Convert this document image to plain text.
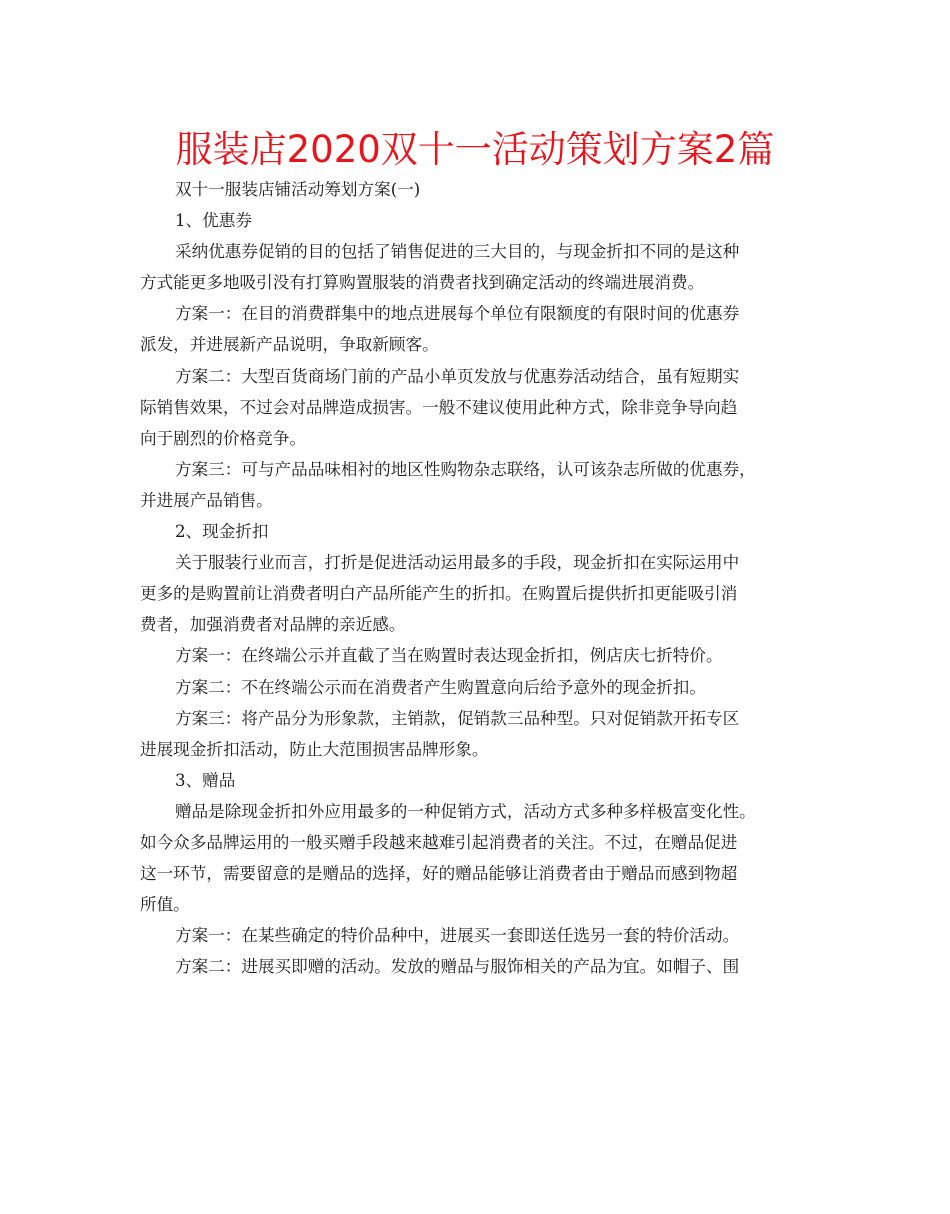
服装店2020双十一活动策划方案2篇
双十一服装店铺活动筹划方案(一)
1、优惠券
采纳优惠券促销的目的包括了销售促进的三大目的，与现金折扣不同的是这种
方式能更多地吸引没有打算购置服装的消费者找到确定活动的终端进展消费。
方案一：在目的消费群集中的地点进展每个单位有限额度的有限时间的优惠券
派发，并进展新产品说明，争取新顾客。
方案二：大型百货商场门前的产品小单页发放与优惠券活动结合，虽有短期实
际销售效果，不过会对品牌造成损害。一般不建议使用此种方式，除非竞争导向趋
向于剧烈的价格竞争。
方案三：可与产品品味相衬的地区性购物杂志联络，认可该杂志所做的优惠券，
并进展产品销售。
2、现金折扣
关于服装行业而言，打折是促进活动运用最多的手段，现金折扣在实际运用中
更多的是购置前让消费者明白产品所能产生的折扣。在购置后提供折扣更能吸引消
费者，加强消费者对品牌的亲近感。
方案一：在终端公示并直截了当在购置时表达现金折扣，例店庆七折特价。
方案二：不在终端公示而在消费者产生购置意向后给予意外的现金折扣。
方案三：将产品分为形象款，主销款，促销款三品种型。只对促销款开拓专区
进展现金折扣活动，防止大范围损害品牌形象。
3、赠品
赠品是除现金折扣外应用最多的一种促销方式，活动方式多种多样极富变化性。
如今众多品牌运用的一般买赠手段越来越难引起消费者的关注。不过，在赠品促进
这一环节，需要留意的是赠品的选择，好的赠品能够让消费者由于赠品而感到物超
所值。
方案一：在某些确定的特价品种中，进展买一套即送任选另一套的特价活动。
方案二：进展买即赠的活动。发放的赠品与服饰相关的产品为宜。如帽子、围
